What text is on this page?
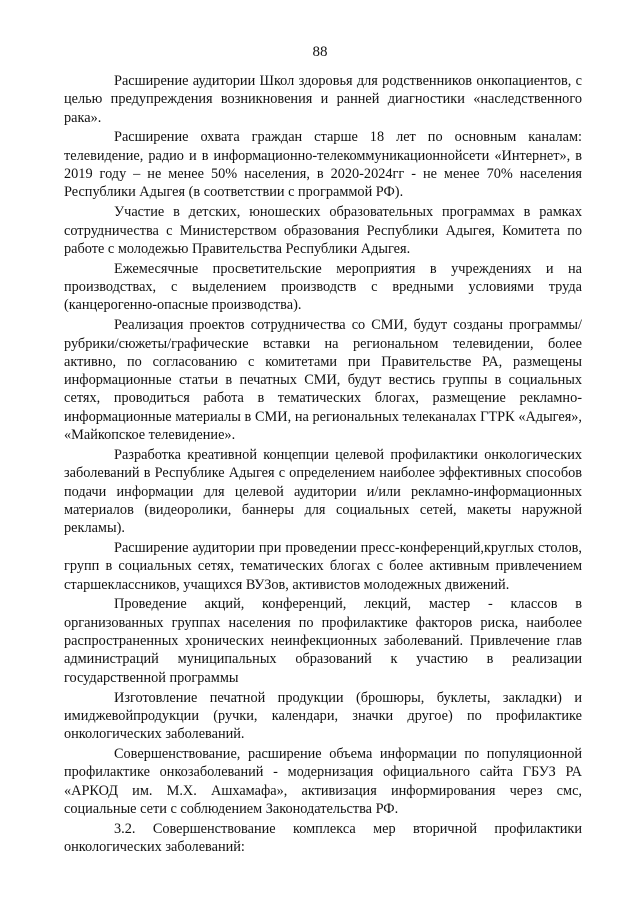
88

Расширение аудитории Школ здоровья для родственников онкопациентов, с целью предупреждения возникновения и ранней диагностики «наследственного рака».

Расширение охвата граждан старше 18 лет по основным каналам: телевидение, радио и в информационно-телекоммуникационнойсети «Интернет», в 2019 году – не менее 50% населения, в 2020-2024гг - не менее 70% населения Республики Адыгея (в соответствии с программой РФ).

Участие в детских, юношеских образовательных программах в рамках сотрудничества с Министерством образования Республики Адыгея, Комитета по работе с молодежью Правительства Республики Адыгея.

Ежемесячные просветительские мероприятия в учреждениях и на производствах, с выделением производств с вредными условиями труда (канцерогенно-опасные производства).

Реализация проектов сотрудничества со СМИ, будут созданы программы/рубрики/сюжеты/графические вставки на региональном телевидении, более активно, по согласованию с комитетами при Правительстве РА, размещены информационные статьи в печатных СМИ, будут вестись группы в социальных сетях, проводиться работа в тематических блогах, размещение рекламно-информационные материалы в СМИ, на региональных телеканалах ГТРК «Адыгея», «Майкопское телевидение».

Разработка креативной концепции целевой профилактики онкологических заболеваний в Республике Адыгея с определением наиболее эффективных способов подачи информации для целевой аудитории и/или рекламно-информационных материалов (видеоролики, баннеры для социальных сетей, макеты наружной рекламы).

Расширение аудитории при проведении пресс-конференций,круглых столов, групп в социальных сетях, тематических блогах с более активным привлечением старшеклассников, учащихся ВУЗов, активистов молодежных движений.

Проведение акций, конференций, лекций, мастер - классов в организованных группах населения по профилактике факторов риска, наиболее распространенных хронических неинфекционных заболеваний. Привлечение глав администраций муниципальных образований к участию в реализации государственной программы

Изготовление печатной продукции (брошюры, буклеты, закладки) и имиджевойпродукции (ручки, календари, значки другое) по профилактике онкологических заболеваний.

Совершенствование, расширение объема информации по популяционной профилактике онкозаболеваний - модернизация официального сайта ГБУЗ РА «АРКОД им. М.Х. Ашхамафа», активизация информирования через смс, социальные сети с соблюдением Законодательства РФ.

3.2. Совершенствование комплекса мер вторичной профилактики онкологических заболеваний:
